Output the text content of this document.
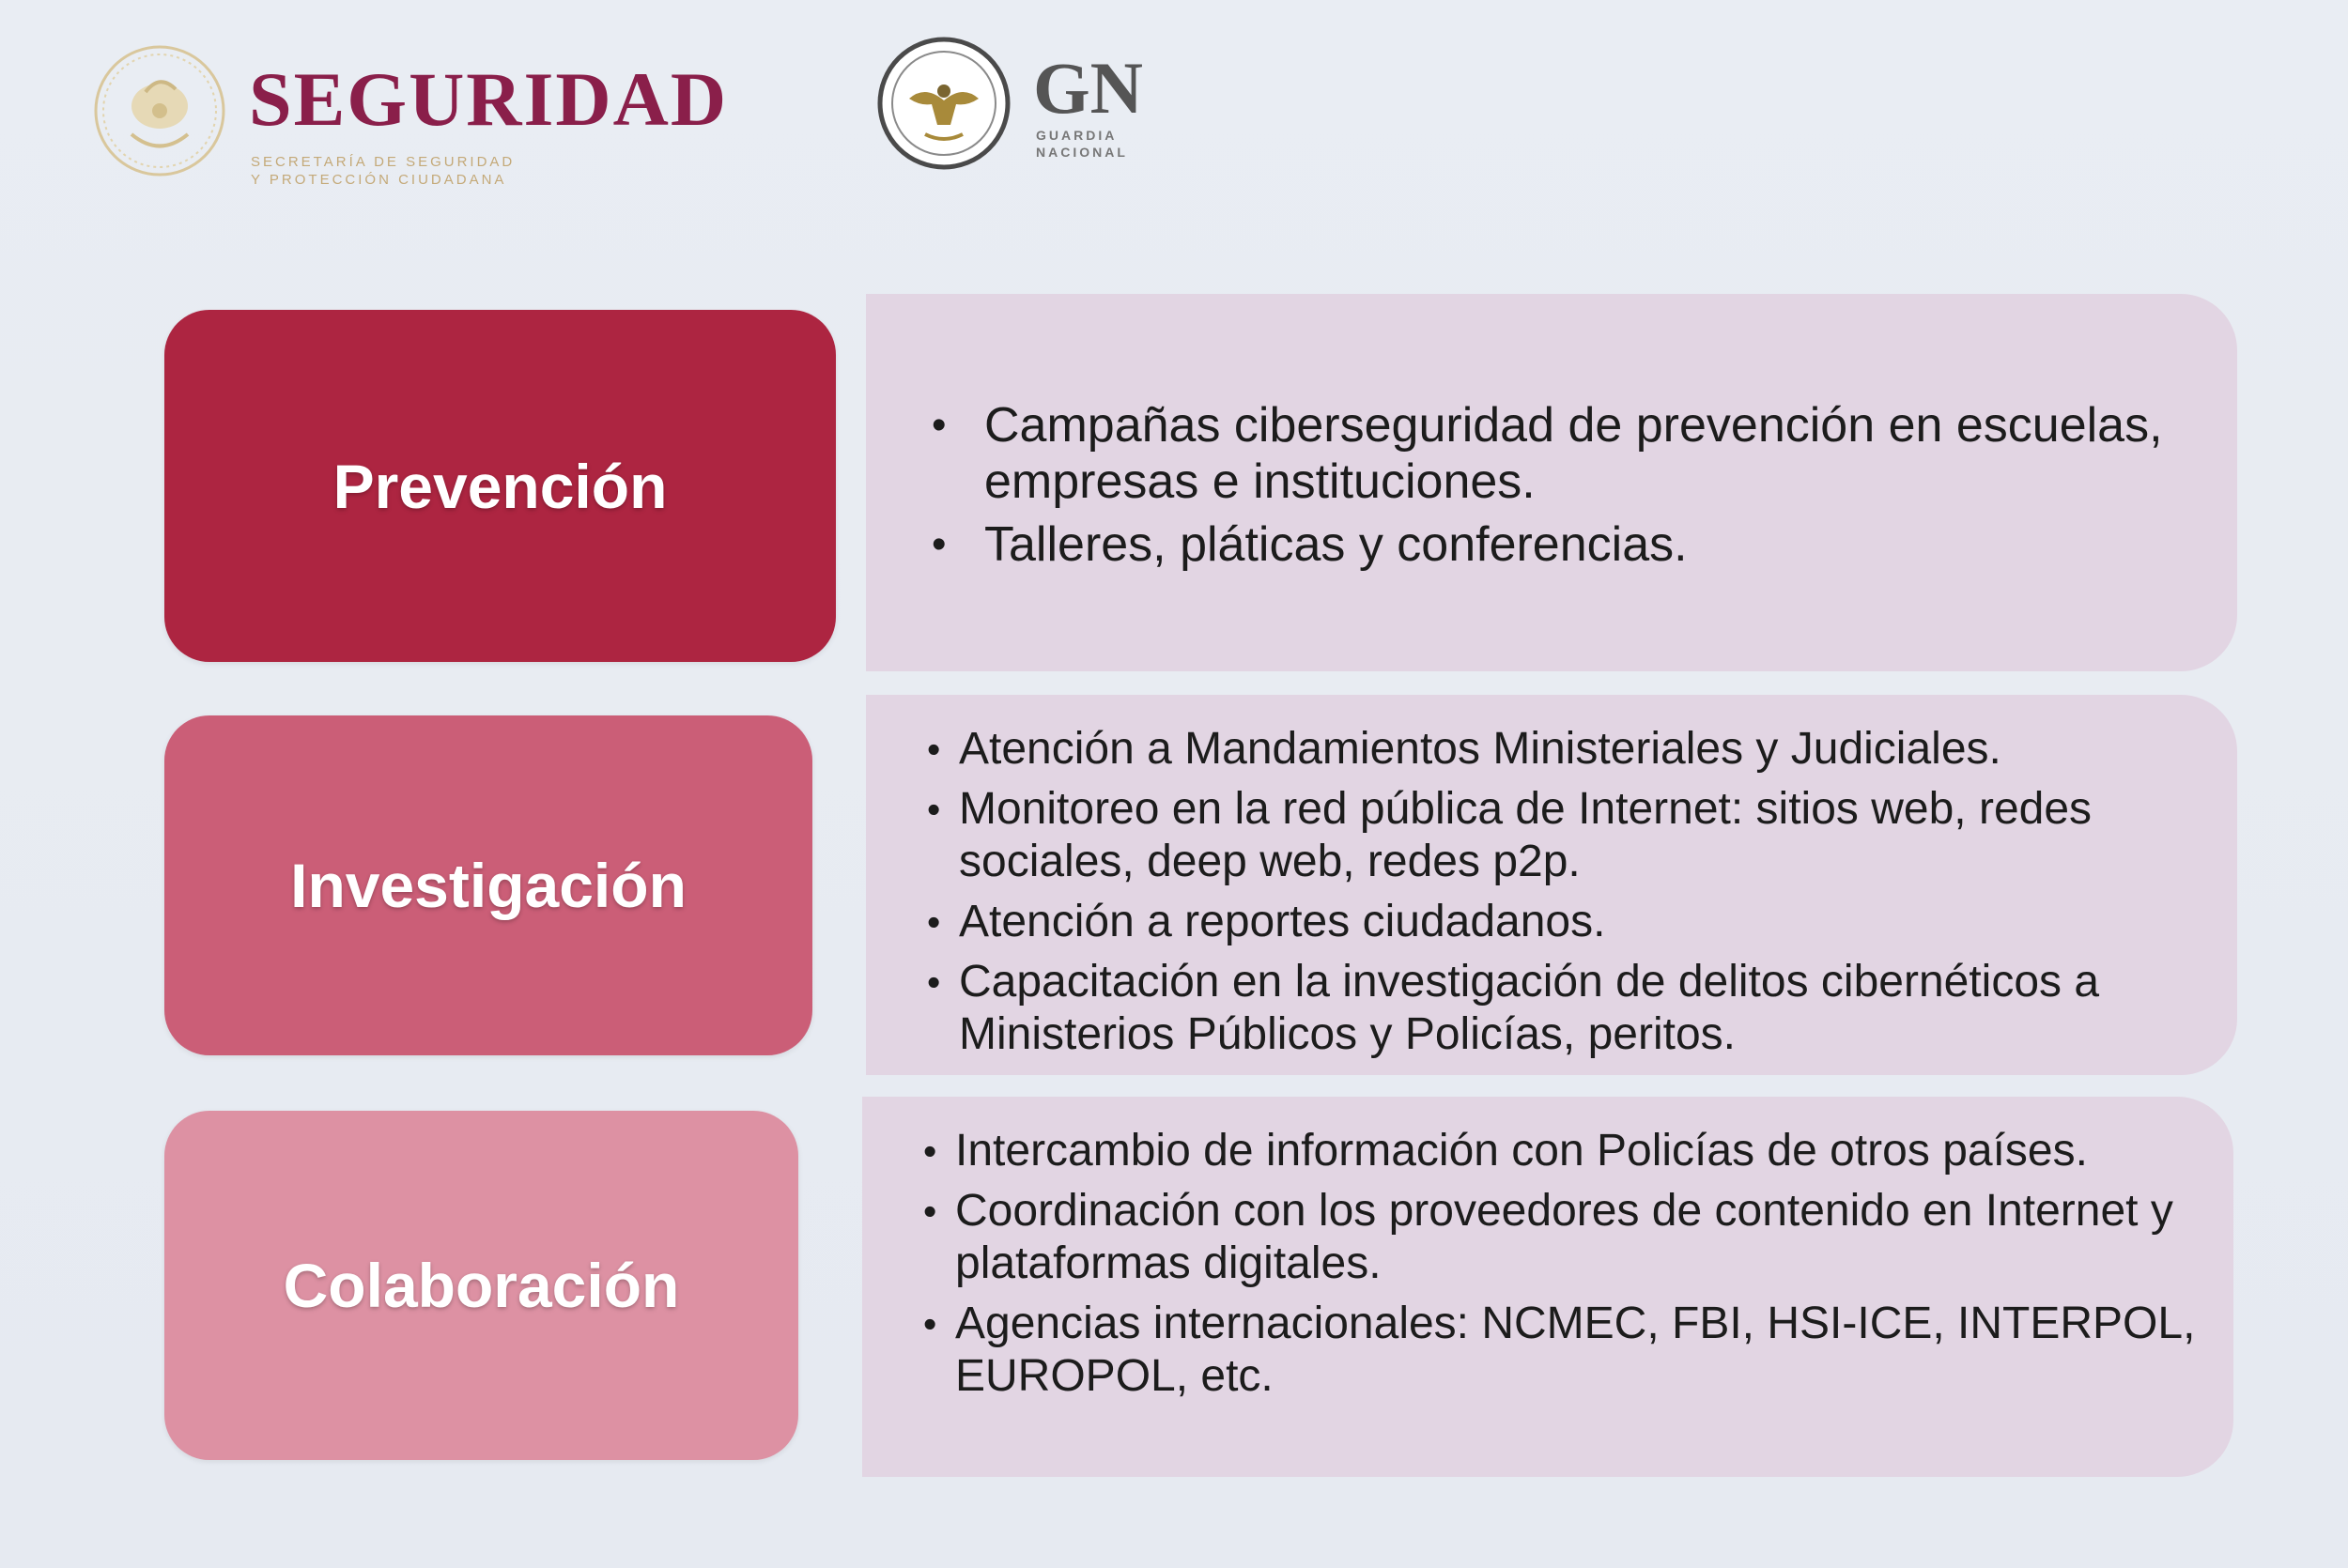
SEGURIDAD
SECRETARÍA DE SEGURIDAD
Y PROTECCIÓN CIUDADANA
GN
GUARDIA
NACIONAL
• Campañas ciberseguridad de prevención en escuelas, empresas e instituciones.
• Talleres, pláticas y conferencias.
Prevención
• Atención a Mandamientos Ministeriales y Judiciales.
• Monitoreo en la red pública de Internet: sitios web, redes sociales, deep web, redes p2p.
• Atención a reportes ciudadanos.
• Capacitación en la investigación de delitos cibernéticos a Ministerios Públicos y Policías, peritos.
Investigación
• Intercambio de información con Policías de otros países.
• Coordinación con los proveedores de contenido en Internet y plataformas digitales.
• Agencias internacionales: NCMEC, FBI, HSI-ICE, INTERPOL, EUROPOL, etc.
Colaboración
